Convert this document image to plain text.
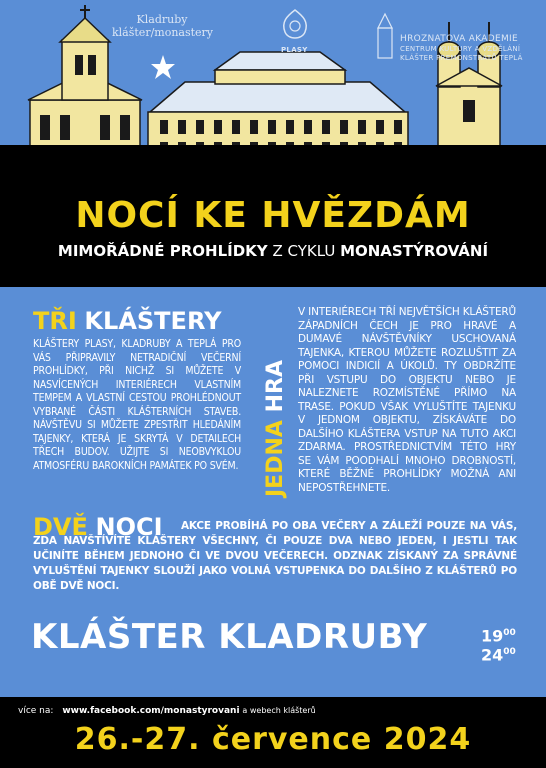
Kladruby
klášter/monastery
PLASY
HROZNATOVA AKADEMIE
CENTRUM KULTURY A VZDĚLÁNÍ
KLÁŠTER PREMONSTRÁTŮ TEPLÁ
NOCÍ KE HVĚZDÁM
MIMOŘÁDNÉ PROHLÍDKY Z CYKLU MONASTÝROVÁNÍ
TŘI KLÁŠTERY
KLÁŠTERY PLASY, KLADRUBY A TEPLÁ PRO VÁS PŘIPRAVILY NETRADIČNÍ VEČERNÍ PROHLÍDKY, PŘI NICHŽ SI MŮŽETE V NASVÍCENÝCH INTERIÉRECH VLASTNÍM TEMPEM A VLASTNÍ CESTOU PROHLÉDNOUT VYBRANÉ ČÁSTI KLÁŠTERNÍCH STAVEB. NÁVŠTĚVU SI MŮŽETE ZPESTŘIT HLEDÁNÍM TAJENKY, KTERÁ JE SKRYTÁ V DETAILECH TŘECH BUDOV. UŽIJTE SI NEOBVYKLOU ATMOSFÉRU BAROKNÍCH PAMÁTEK PO SVÉM. JEDNA HRA
V INTERIÉRECH TŘÍ NEJVĚTŠÍCH KLÁŠTERŮ ZÁPADNÍCH ČECH JE PRO HRAVÉ A DUMAVÉ NÁVŠTĚVNÍKY USCHOVANÁ TAJENKA, KTEROU MŮŽETE ROZLUŠTIT ZA POMOCI INDICIÍ A ÚKOLŮ. TY OBDRŽÍTE PŘI VSTUPU DO OBJEKTU NEBO JE NALEZNETE ROZMÍSTĚNÉ PŘÍMO NA TRASE. POKUD VŠAK VYLUŠTÍTE TAJENKU V JEDNOM OBJEKTU, ZÍSKÁVÁTE DO DALŠÍHO KLÁŠTERA VSTUP NA TUTO AKCI ZDARMA. PROSTŘEDNICTVÍM TÉTO HRY SE VÁM POODHALÍ MNOHO DROBNOSTÍ, KTERÉ BĚŽNÉ PROHLÍDKY MOŽNÁ ANI NEPOSTŘEHNETE.
DVĚ NOCI	AKCE PROBÍHÁ PO OBA VEČERY A ZÁLEŽÍ POUZE NA VÁS, ZDA NAVŠTÍVÍTE KLÁŠTERY VŠECHNY, ČI POUZE DVA NEBO JEDEN, I JESTLI TAK UČINÍTE BĚHEM JEDNOHO ČI VE DVOU VEČERECH. ODZNAK ZÍSKANÝ ZA SPRÁVNÉ VYLUŠTĚNÍ TAJENKY SLOUŽÍ JAKO VOLNÁ VSTUPENKA DO DALŠÍHO Z KLÁŠTERŮ PO OBĚ DVĚ NOCI.
KLÁŠTER KLADRUBY	$19^{00}$
$24^{00}$
více na: www.facebook.com/monastyrovani a webech klášterů
26.-27. července 2024
